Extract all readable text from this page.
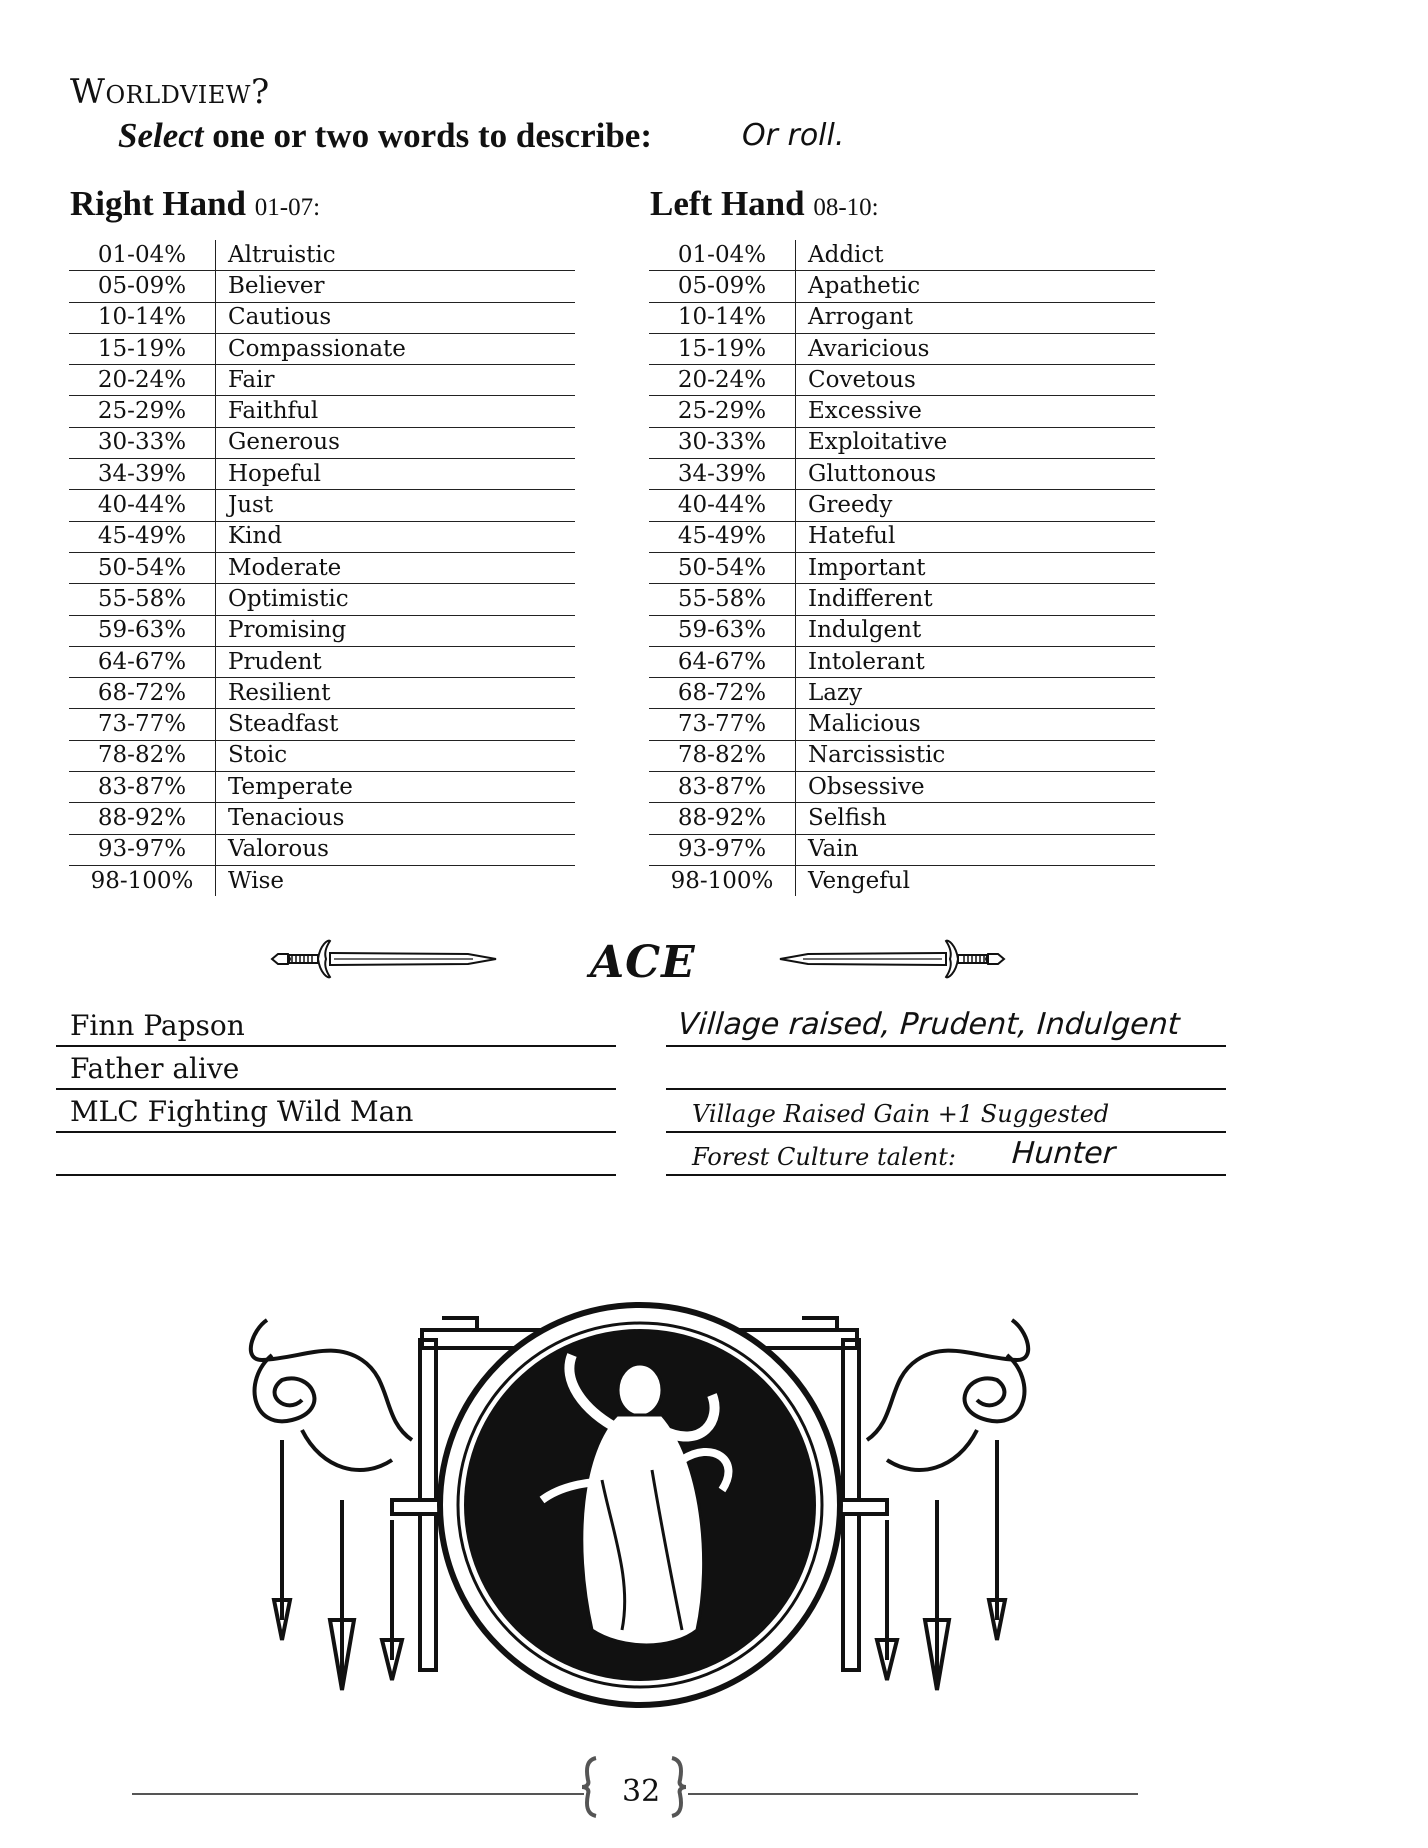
Worldview?
Select one or two words to describe:	Or roll.
Right Hand 01-07:	Left Hand 08-10:
01-04%	Altruistic
05-09%	Believer
10-14%	Cautious
15-19%	Compassionate
20-24%	Fair
25-29%	Faithful
30-33%	Generous
34-39%	Hopeful
40-44%	Just
45-49%	Kind
50-54%	Moderate
55-58%	Optimistic
59-63%	Promising
64-67%	Prudent
68-72%	Resilient
73-77%	Steadfast
78-82%	Stoic
83-87%	Temperate
88-92%	Tenacious
93-97%	Valorous
98-100%	Wise
01-04%	Addict
05-09%	Apathetic
10-14%	Arrogant
15-19%	Avaricious
20-24%	Covetous
25-29%	Excessive
30-33%	Exploitative
34-39%	Gluttonous
40-44%	Greedy
45-49%	Hateful
50-54%	Important
55-58%	Indifferent
59-63%	Indulgent
64-67%	Intolerant
68-72%	Lazy
73-77%	Malicious
78-82%	Narcissistic
83-87%	Obsessive
88-92%	Selfish
93-97%	Vain
98-100%	Vengeful
ACE
Finn Papson
Father alive
MLC Fighting Wild Man
Village raised, Prudent, Indulgent
Village Raised Gain +1 Suggested
Forest Culture talent: Hunter
32
